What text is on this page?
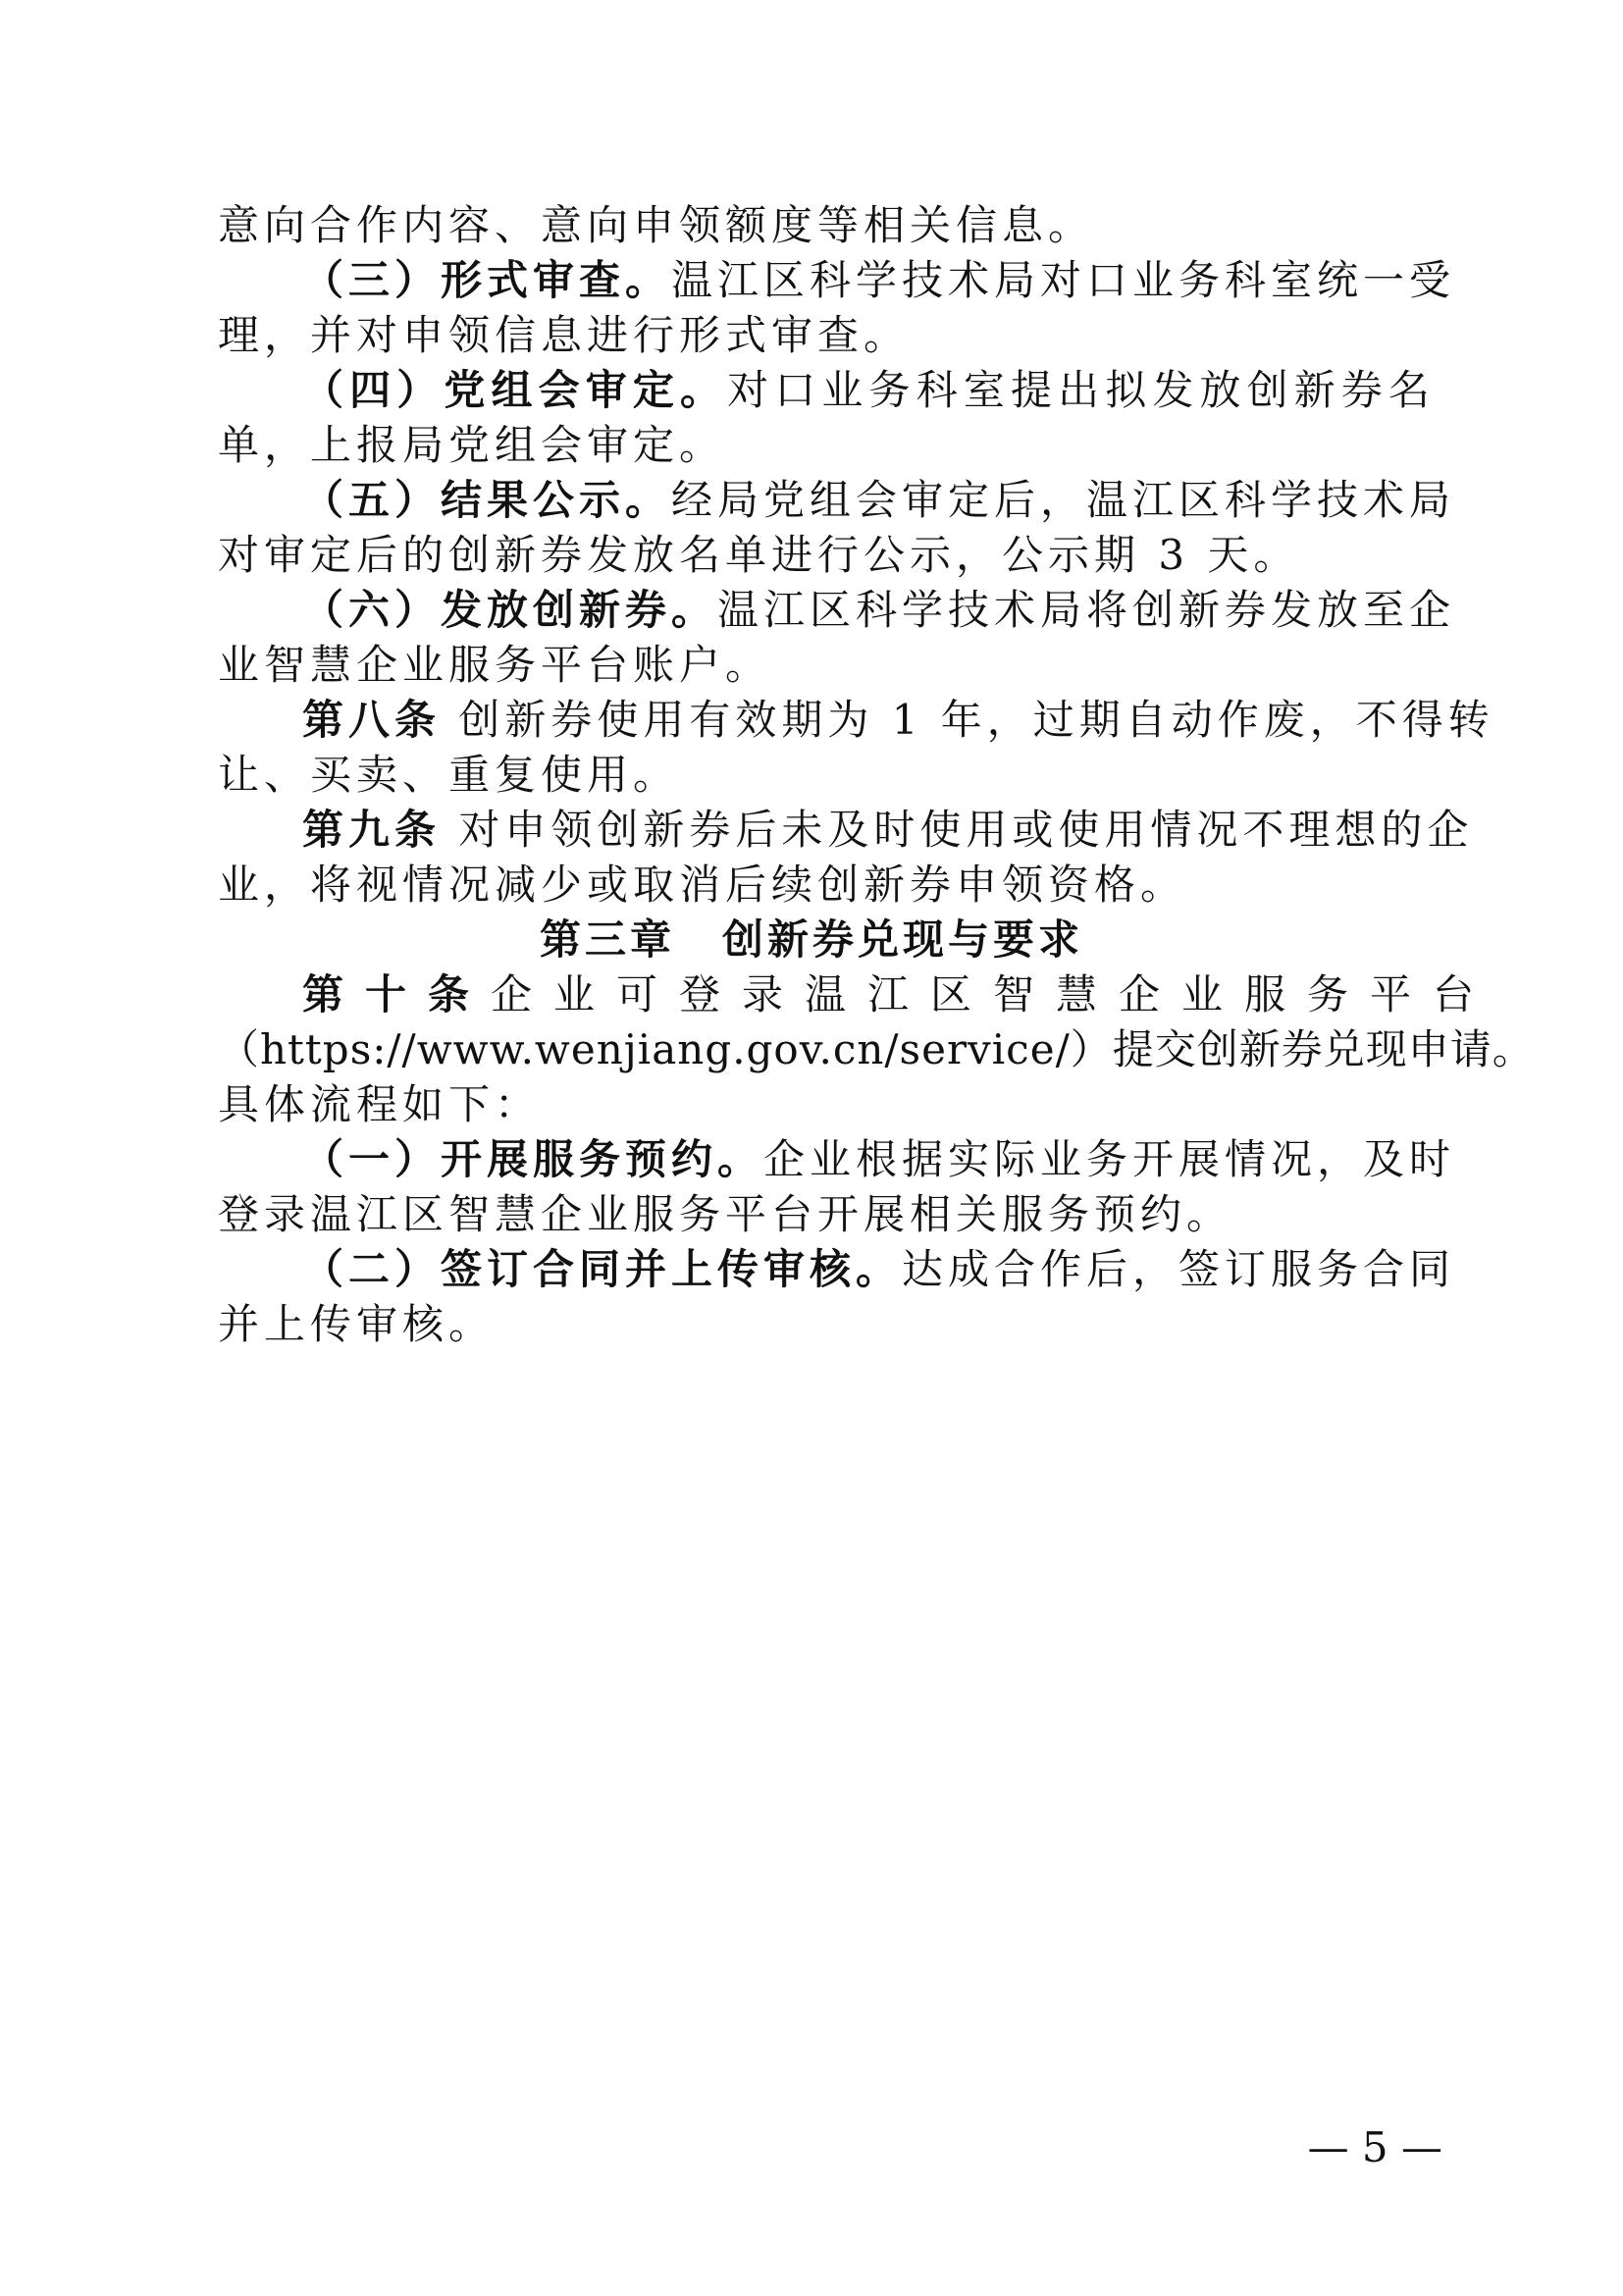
意向合作内容、意向申领额度等相关信息。
（三）形式审查。温江区科学技术局对口业务科室统一受
理，并对申领信息进行形式审查。
（四）党组会审定。对口业务科室提出拟发放创新券名
单，上报局党组会审定。
（五）结果公示。经局党组会审定后，温江区科学技术局
对审定后的创新券发放名单进行公示，公示期 3 天。
（六）发放创新券。温江区科学技术局将创新券发放至企
业智慧企业服务平台账户。
第八条 创新券使用有效期为 1 年，过期自动作废，不得转
让、买卖、重复使用。
第九条 对申领创新券后未及时使用或使用情况不理想的企
业，将视情况减少或取消后续创新券申领资格。
第三章 创新券兑现与要求
第十条企业可登录温江区智慧企业服务平台
（https://www.wenjiang.gov.cn/service/）提交创新券兑现申请。
具体流程如下：
（一）开展服务预约。企业根据实际业务开展情况，及时
登录温江区智慧企业服务平台开展相关服务预约。
（二）签订合同并上传审核。达成合作后，签订服务合同
并上传审核。
— 5 —
